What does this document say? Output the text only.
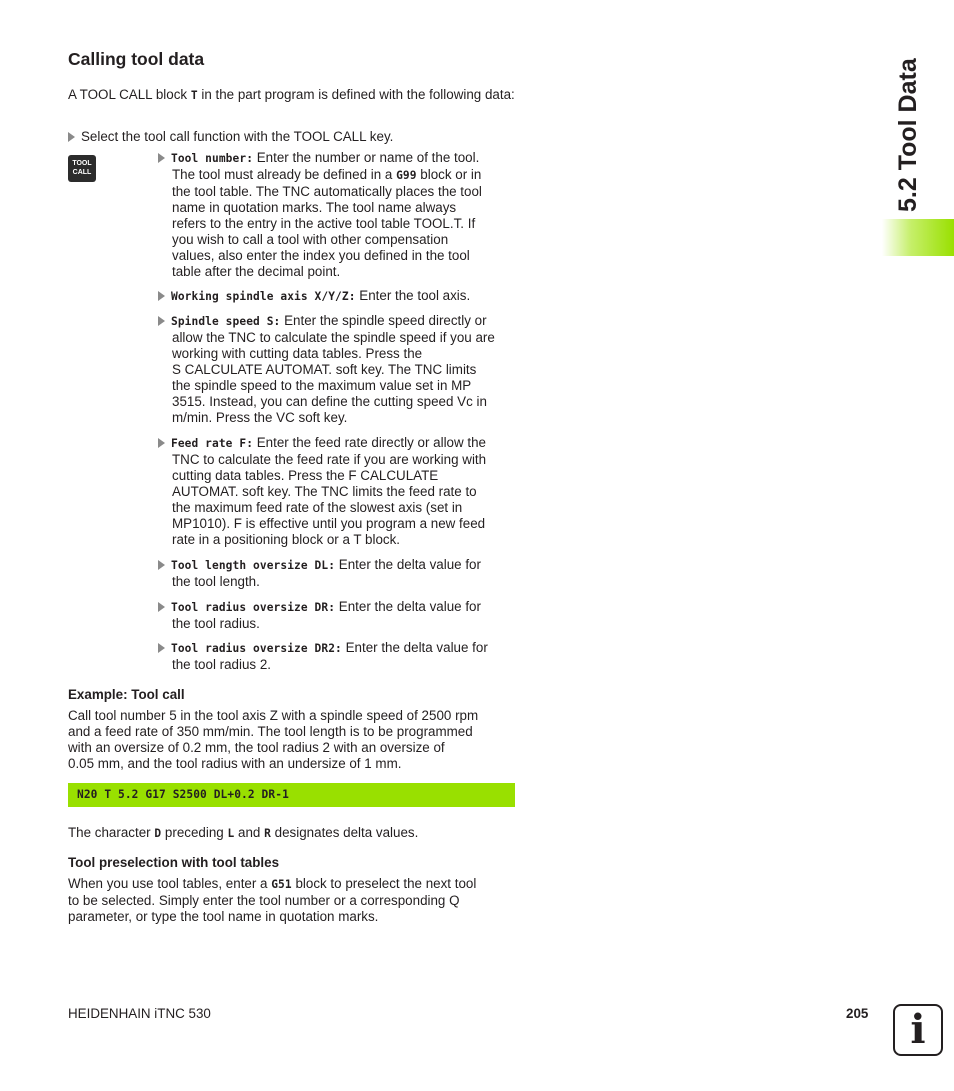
5.2 Tool Data
Calling tool data

A TOOL CALL block T in the part program is defined with the following data:

Select the tool call function with the TOOL CALL key.

TOOL
CALL
Tool number: Enter the number or name of the tool.
The tool must already be defined in a G99 block or in
the tool table. The TNC automatically places the tool
name in quotation marks. The tool name always
refers to the entry in the active tool table TOOL.T. If
you wish to call a tool with other compensation
values, also enter the index you defined in the tool
table after the decimal point.
Working spindle axis X/Y/Z: Enter the tool axis.
Spindle speed S: Enter the spindle speed directly or
allow the TNC to calculate the spindle speed if you are
working with cutting data tables. Press the
S CALCULATE AUTOMAT. soft key. The TNC limits
the spindle speed to the maximum value set in MP
3515. Instead, you can define the cutting speed Vc in
m/min. Press the VC soft key.
Feed rate F: Enter the feed rate directly or allow the
TNC to calculate the feed rate if you are working with
cutting data tables. Press the F CALCULATE
AUTOMAT. soft key. The TNC limits the feed rate to
the maximum feed rate of the slowest axis (set in
MP1010). F is effective until you program a new feed
rate in a positioning block or a T block.
Tool length oversize DL: Enter the delta value for
the tool length.
Tool radius oversize DR: Enter the delta value for
the tool radius.
Tool radius oversize DR2: Enter the delta value for
the tool radius 2.
Example: Tool call
Call tool number 5 in the tool axis Z with a spindle speed of 2500 rpm
and a feed rate of 350 mm/min. The tool length is to be programmed
with an oversize of 0.2 mm, the tool radius 2 with an oversize of
0.05 mm, and the tool radius with an undersize of 1 mm.
N20 T 5.2 G17 S2500 DL+0.2 DR-1

The character D preceding L and R designates delta values.

Tool preselection with tool tables
When you use tool tables, enter a G51 block to preselect the next tool
to be selected. Simply enter the tool number or a corresponding Q
parameter, or type the tool name in quotation marks.
HEIDENHAIN iTNC 530	205	i
